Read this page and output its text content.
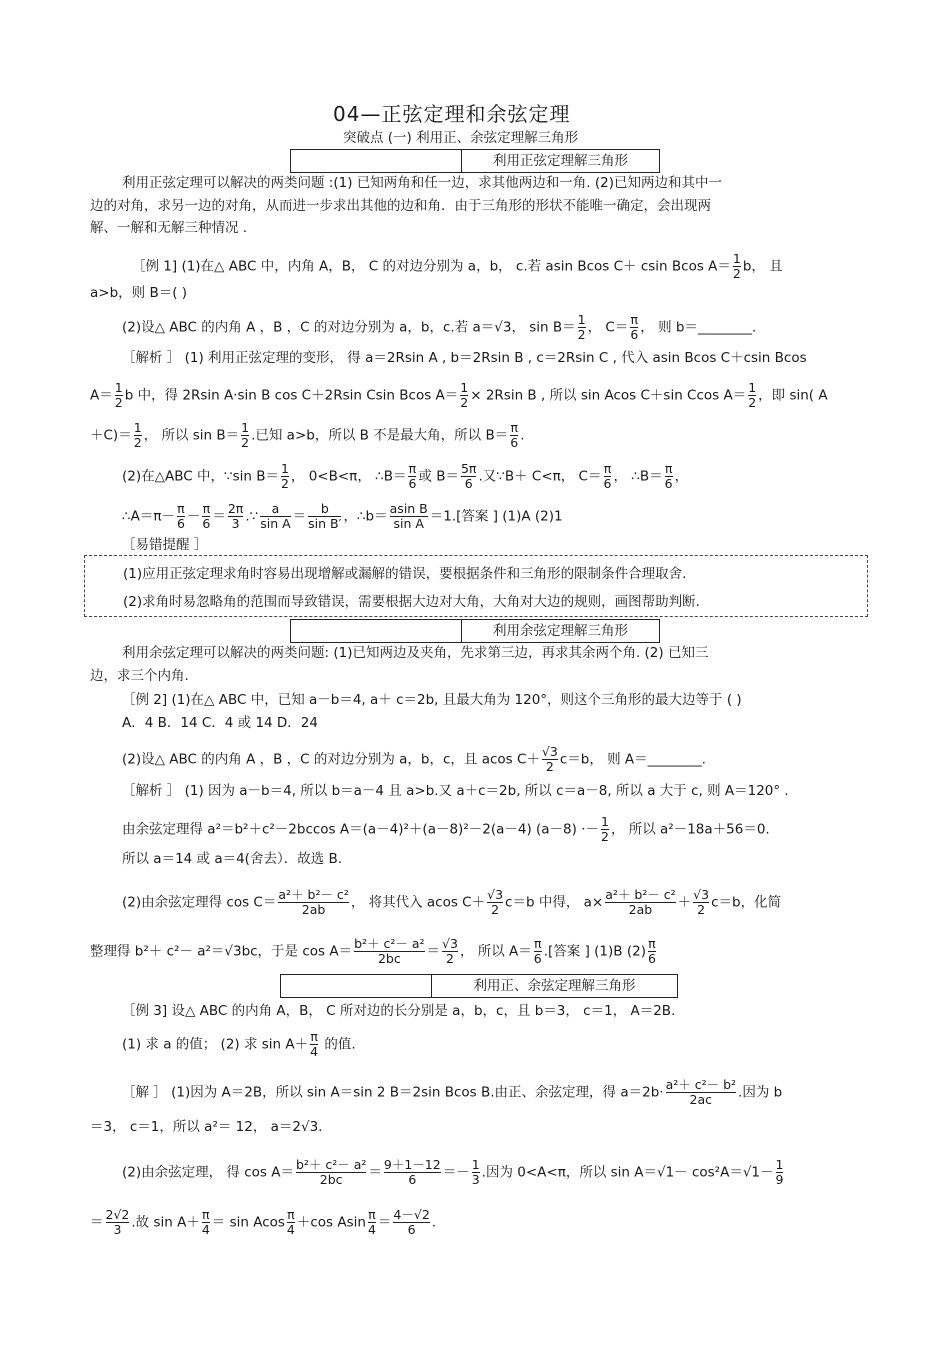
04—正弦定理和余弦定理
突破点 (一) 利用正、余弦定理解三角形
利用正弦定理解三角形
利用正弦定理可以解决的两类问题 :(1) 已知两角和任一边，求其他两边和一角. (2)已知两边和其中一
边的对角，求另一边的对角，从而进一步求出其他的边和角．由于三角形的形状不能唯一确定，会出现两
解、一解和无解三种情况 .
［例 1] (1)在△ ABC 中，内角 A，B， C 的对边分别为 a，b， c.若 asin Bcos C＋ csin Bcos $A= \frac{1}{2}$ b， 且
a>b，则 B＝( )
(2)设△ ABC 的内角 A ，B ，C 的对边分别为 a，b，c.若 a＝√3， $\sin B= \frac{1}{2}$ ， $C= \frac{\pi}{6}$ ， 则 b＝________.
［解析 ］ (1) 利用正弦定理的变形， 得 a＝2Rsin A , b＝2Rsin B , c＝2Rsin C , 代入 asin Bcos C＋csin Bcos
$A= \frac{1}{2}$ b 中，得 2Rsin A·sin B cos C＋2Rsin Csin Bcos $A= \frac{1}{2} \times 2Rsin$ B , 所以 sin Acos C＋sin Ccos $A= \frac{1}{2}$ ，即 sin( A
$+C)= \frac{1}{2}$ ， 所以 $\sin B= \frac{1}{2}$ .已知 a>b，所以 B 不是最大角，所以 $B= \frac{\pi}{6}$ .
(2)在△ABC 中，∵sin $B= \frac{1}{2}$ ， 0<B<π， ∴B＝ $\frac{\pi}{6}$ 或 $B= \frac{5\pi}{6}$ .又∵B＋ C<π， $C= \frac{\pi}{6}$ ， ∴B＝ $\frac{\pi}{6}$ ，
∴A＝π－ $\frac{\pi}{6} - \frac{\pi}{6} = \frac{2\pi}{3}$ .∵ $\frac{a}{\text{sin A}} = \frac{b}{\text{sin B′}}$ ，∴b＝ $\frac{\text{asin B}}{\text{sin A}} =1$.[答案 ] (1)A (2)1
［易错提醒 ］
(1)应用正弦定理求角时容易出现增解或漏解的错误，要根据条件和三角形的限制条件合理取舍.
(2)求角时易忽略角的范围而导致错误，需要根据大边对大角，大角对大边的规则，画图帮助判断.
利用余弦定理解三角形
利用余弦定理可以解决的两类问题: (1)已知两边及夹角，先求第三边，再求其余两个角. (2) 已知三
边，求三个内角.
［例 2] (1)在△ ABC 中，已知 a－b＝4, a＋ c＝2b, 且最大角为 120°，则这个三角形的最大边等于 ( )
A．4 B．14 C．4 或 14 D．24
(2)设△ ABC 的内角 A ，B ，C 的对边分别为 a，b，c，且 acos $C+ \frac{√3}{2} c=b$， 则 A＝________.
［解析 ］ (1) 因为 a－b＝4, 所以 b＝a－4 且 a>b.又 a＋c＝2b, 所以 c＝a－8, 所以 a 大于 c, 则 A＝120° .
由余弦定理得 a²＝b²＋c²－2bccos A＝(a－4)²＋(a－8)²－2(a－4) $(a-8) \cdot- \frac{1}{2}$ ， 所以 a²－18a＋56＝0.
所以 a＝14 或 a＝4(舍去）．故选 B.
(2)由余弦定理得 $\cos C= \frac{\text{a²＋ b²－ c²}}{2ab}$ ， 将其代入 acos $C+ \frac{√3}{2} c=b$ 中得， $a\times \frac{\text{a²＋ b²－ c²}}{2ab} + \frac{√3}{2} c=b$，化简
整理得 b²＋ c²－ a²＝√3bc，于是 $\cos A= \frac{\text{b²＋ c²－ a²}}{2bc} = \frac{√3}{2}$ ， 所以 $A= \frac{\pi}{6}$ .[答案 ] (1)B $(2) \frac{\pi}{6}$
利用正、余弦定理解三角形
［例 3] 设△ ABC 的内角 A，B， C 所对边的长分别是 a，b，c，且 b＝3， c＝1， A＝2B.
(1) 求 a 的值； (2) 求 $\sin A+ \frac{\pi}{4}$ 的值.
［解 ］ (1)因为 A＝2B，所以 sin A＝sin 2 B＝2sin Bcos B.由正、余弦定理，得 $a=2b\cdot \frac{\text{a²＋ c²－ b²}}{2ac}$ .因为 b
＝3， c＝1，所以 a²＝ 12， a＝2√3.
(2)由余弦定理， 得 $\cos A= \frac{\text{b²＋ c²－ a²}}{2bc} = \frac{9+1-12}{6} =- \frac{1}{3}$ .因为 0<A<π，所以 $\sin A=√1- \cos^2A=√1- \frac{1}{9}$
＝ $\frac{2√2}{3}$ .故 $\sin A+ \frac{\pi}{4} = \sin Acos \frac{\pi}{4} +\cos$ Asin $\frac{\pi}{4} = \frac{4-√2}{6}$ .
